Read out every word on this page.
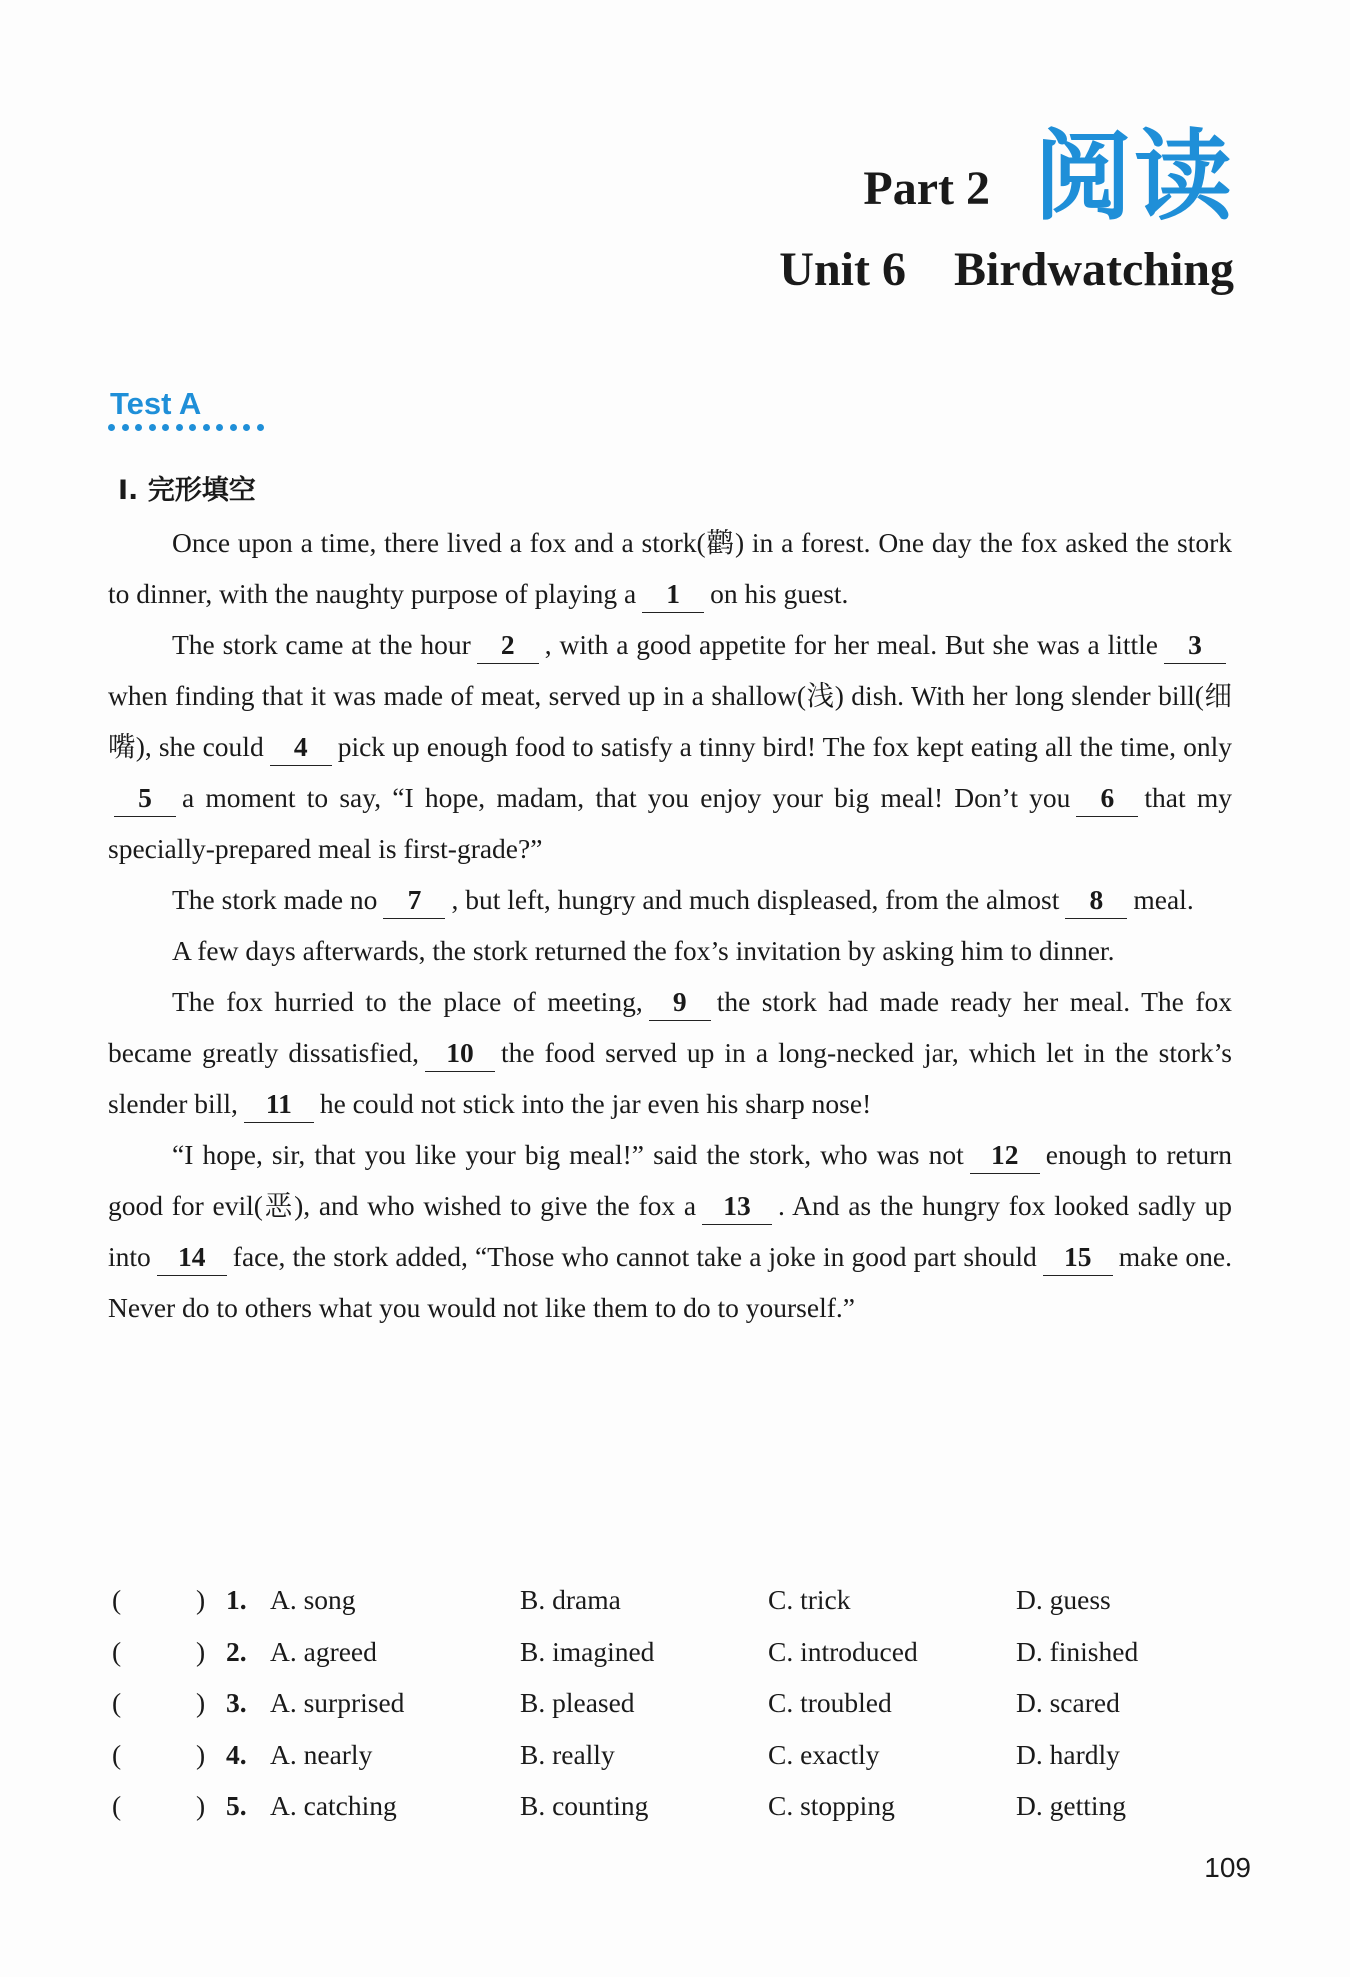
Part 2 阅读
Unit 6    Birdwatching
Test A
Ⅰ. 完形填空

Once upon a time, there lived a fox and a stork(鹳) in a forest. One day the fox asked the stork to dinner, with the naughty purpose of playing a 1 on his guest.

The stork came at the hour 2 , with a good appetite for her meal. But she was a little 3when finding that it was made of meat, served up in a shallow(浅) dish. With her long slender bill(细嘴), she could 4 pick up enough food to satisfy a tinny bird! The fox kept eating all the time, only5 a moment to say, “I hope, madam, that you enjoy your big meal! Don’t you 6 that my specially-prepared meal is first-grade?”

The stork made no 7 , but left, hungry and much displeased, from the almost 8 meal.

A few days afterwards, the stork returned the fox’s invitation by asking him to dinner.

The fox hurried to the place of meeting, 9 the stork had made ready her meal. The fox became greatly dissatisfied, 10 the food served up in a long-necked jar, which let in the stork’s slender bill, 11 he could not stick into the jar even his sharp nose!

“I hope, sir, that you like your big meal!” said the stork, who was not 12 enough to return good for evil(恶), and who wished to give the fox a 13 . And as the hungry fox looked sadly up into 14 face, the stork added, “Those who cannot take a joke in good part should 15 make one. Never do to others what you would not like them to do to yourself.”

(	) 1. A. song	B. drama	C. trick	D. guess
(	) 2. A. agreed	B. imagined	C. introduced	D. finished
(	) 3. A. surprised	B. pleased	C. troubled	D. scared
(	) 4. A. nearly	B. really	C. exactly	D. hardly
(	) 5. A. catching	B. counting	C. stopping	D. getting
109
